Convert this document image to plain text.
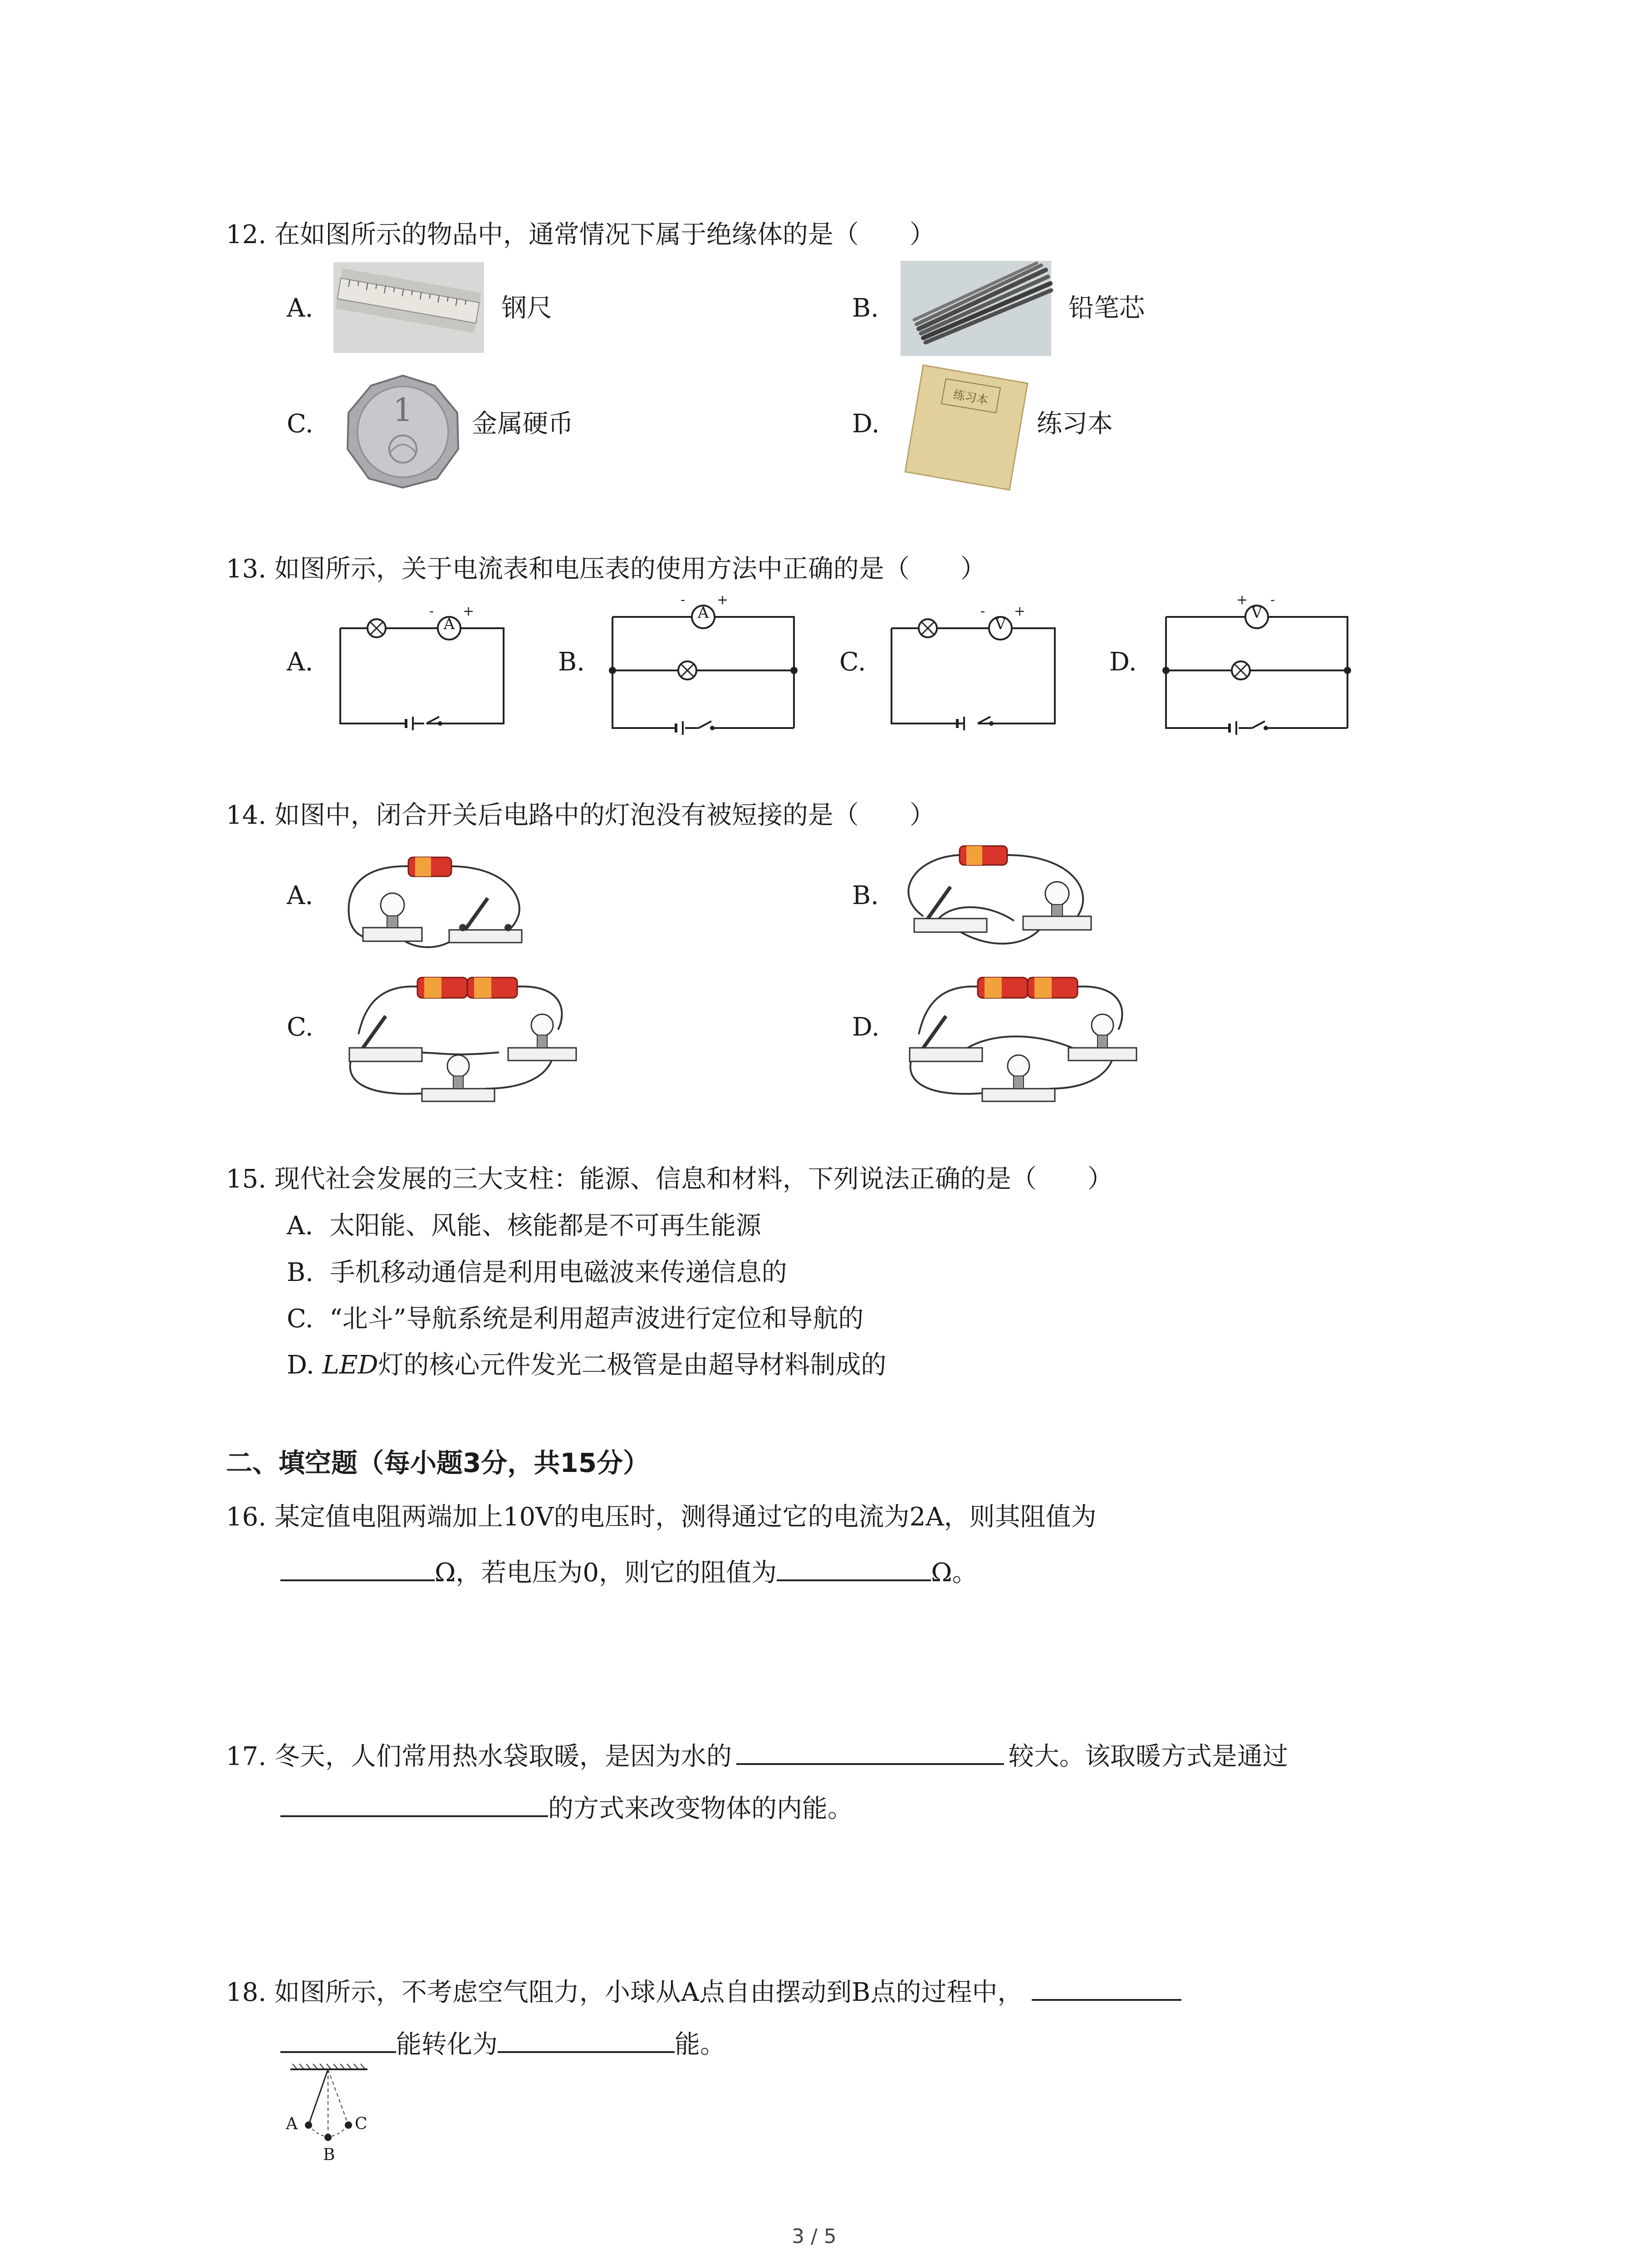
12. 在如图所示的物品中，通常情况下属于绝缘体的是（　　）
A.	钢尺	B.	铅笔芯
C.	1 金属硬币	D.
练习本
练习本
13. 如图所示，关于电流表和电压表的使用方法中正确的是（　　）
A.
A
- +
B.
A
- +
C.
V
- +
D.
V
+ -
14. 如图中，闭合开关后电路中的灯泡没有被短接的是（　　）
A.	B.
C.	D.
15. 现代社会发展的三大支柱：能源、信息和材料，下列说法正确的是（　　）
A. 太阳能、风能、核能都是不可再生能源
B. 手机移动通信是利用电磁波来传递信息的
C. “北斗”导航系统是利用超声波进行定位和导航的
D. LED灯的核心元件发光二极管是由超导材料制成的
二、填空题（每小题3分，共15分）
16. 某定值电阻两端加上10V的电压时，测得通过它的电流为2A，则其阻值为
Ω，若电压为0，则它的阻值为	Ω。
17. 冬天，人们常用热水袋取暖，是因为水的	较大。该取暖方式是通过
的方式来改变物体的内能。
18. 如图所示，不考虑空气阻力，小球从A点自由摆动到B点的过程中，
能转化为	能。
A
B
C
3 / 5
